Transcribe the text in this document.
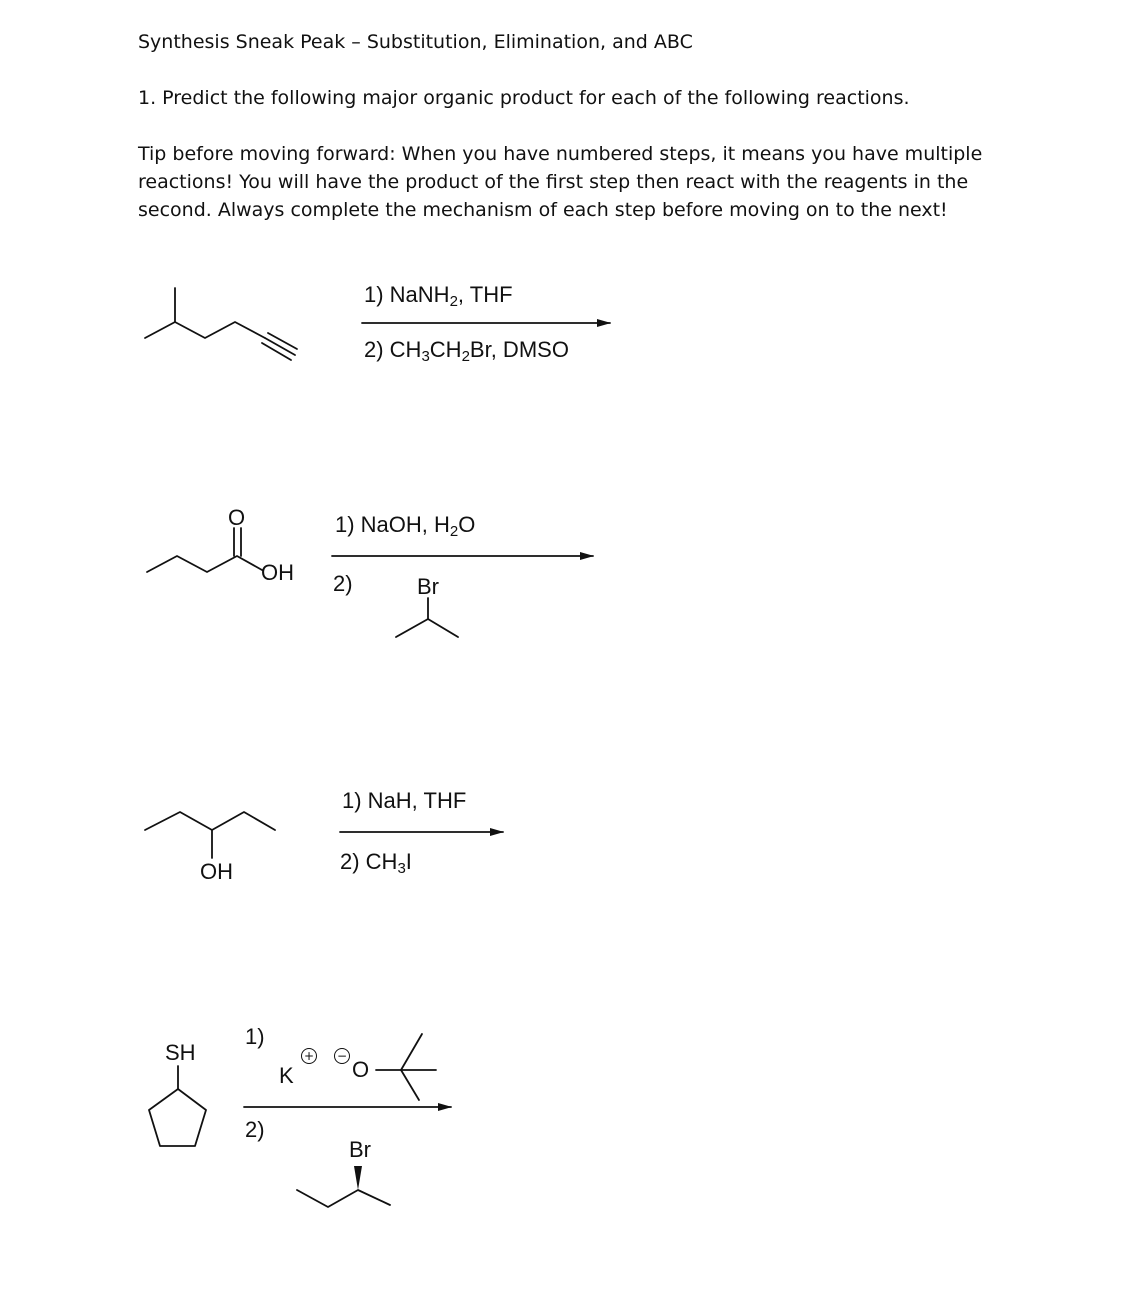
Synthesis Sneak Peak – Substitution, Elimination, and ABC

1. Predict the following major organic product for each of the following reactions.

Tip before moving forward: When you have numbered steps, it means you have multiple reactions! You will have the product of the first step then react with the reagents in the second. Always complete the mechanism of each step before moving on to the next!

1) NaNH$_2$, THF
2) $CH_3CH_2Br$, DMSO
O
OH
1) NaOH, $H_2O$
2)	Br
OH
1) NaH, THF
2) $CH_3I$
SH
1)
K
+ −
O
2)
Br
